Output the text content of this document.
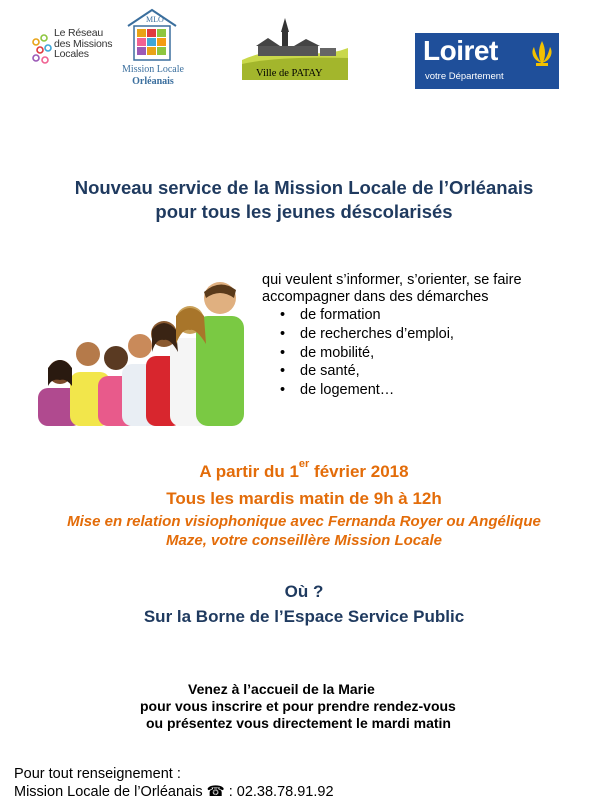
Le Réseau
des Missions
Locales
MLO
Mission Locale
Orléanais
Ville de PATAY
Loiret
votre Département
Nouveau service de la Mission Locale de l’Orléanais
pour tous les jeunes déscolarisés
qui veulent s’informer, s’orienter, se faire
accompagner dans des démarches
• de formation
• de recherches d’emploi,
• de mobilité,
• de santé,
• de logement…
A partir du 1er février 2018
Tous les mardis matin de 9h à 12h
Mise en relation visiophonique avec Fernanda Royer ou Angélique
Maze, votre conseillère Mission Locale
Où ?
Sur la Borne de l’Espace Service Public
Venez à l’accueil de la Marie
pour vous inscrire et pour prendre rendez-vous
ou présentez vous directement le mardi matin
Pour tout renseignement :
Mission Locale de l’Orléanais ☎ : 02.38.78.91.92
